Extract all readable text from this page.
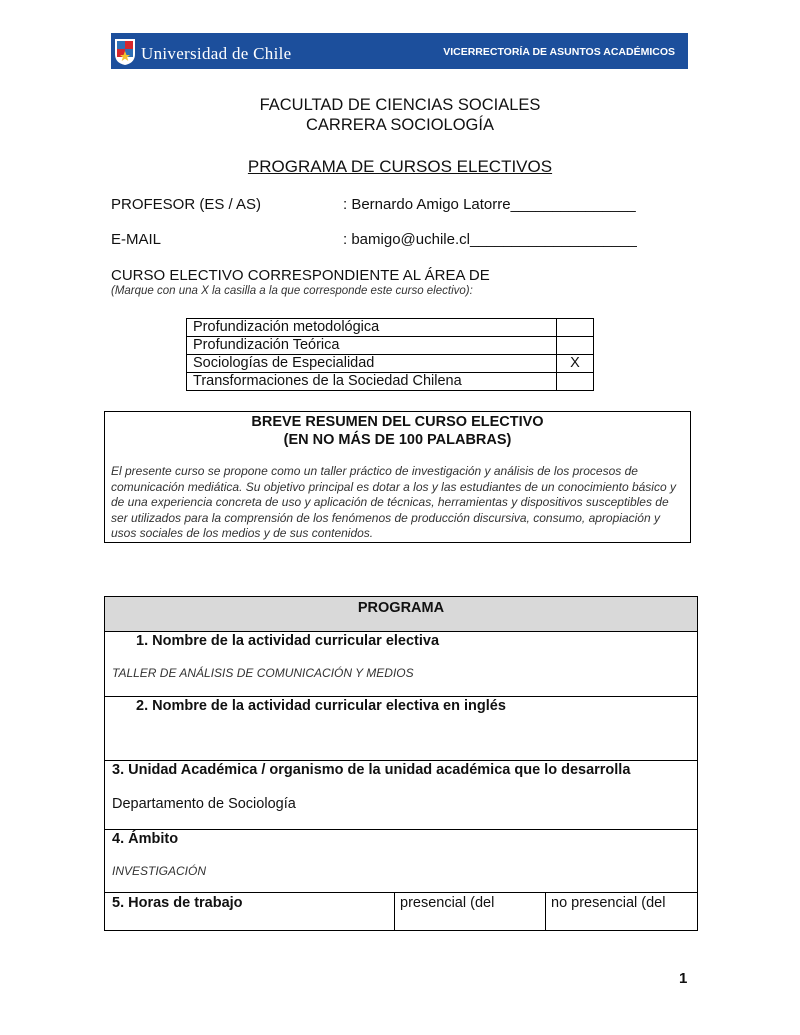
Universidad de Chile	VICERRECTORÍA DE ASUNTOS ACADÉMICOS
FACULTAD DE CIENCIAS SOCIALES
CARRERA SOCIOLOGÍA
PROGRAMA DE CURSOS ELECTIVOS
PROFESOR (ES / AS)	: Bernardo Amigo Latorre_______________
E-MAIL	: bamigo@uchile.cl____________________
CURSO ELECTIVO CORRESPONDIENTE AL ÁREA DE
(Marque con una X la casilla a la que corresponde este curso electivo):
Profundización metodológica	
Profundización Teórica	
Sociologías de Especialidad	X
Transformaciones de la Sociedad Chilena	
BREVE RESUMEN DEL CURSO ELECTIVO
(EN NO MÁS DE 100 PALABRAS)
El presente curso se propone como un taller práctico de investigación y análisis de los procesos de comunicación mediática. Su objetivo principal es dotar a los y las estudiantes de un conocimiento básico y de una experiencia concreta de uso y aplicación de técnicas, herramientas y dispositivos susceptibles de ser utilizados para la comprensión de los fenómenos de producción discursiva, consumo, apropiación y usos sociales de los medios y de sus contenidos.
PROGRAMA
1. Nombre de la actividad curricular electiva
TALLER DE ANÁLISIS DE COMUNICACIÓN Y MEDIOS
2. Nombre de la actividad curricular electiva en inglés
3. Unidad Académica / organismo de la unidad académica que lo desarrolla
Departamento de Sociología
4. Ámbito
INVESTIGACIÓN
5. Horas de trabajo	presencial (del	no presencial (del
1
